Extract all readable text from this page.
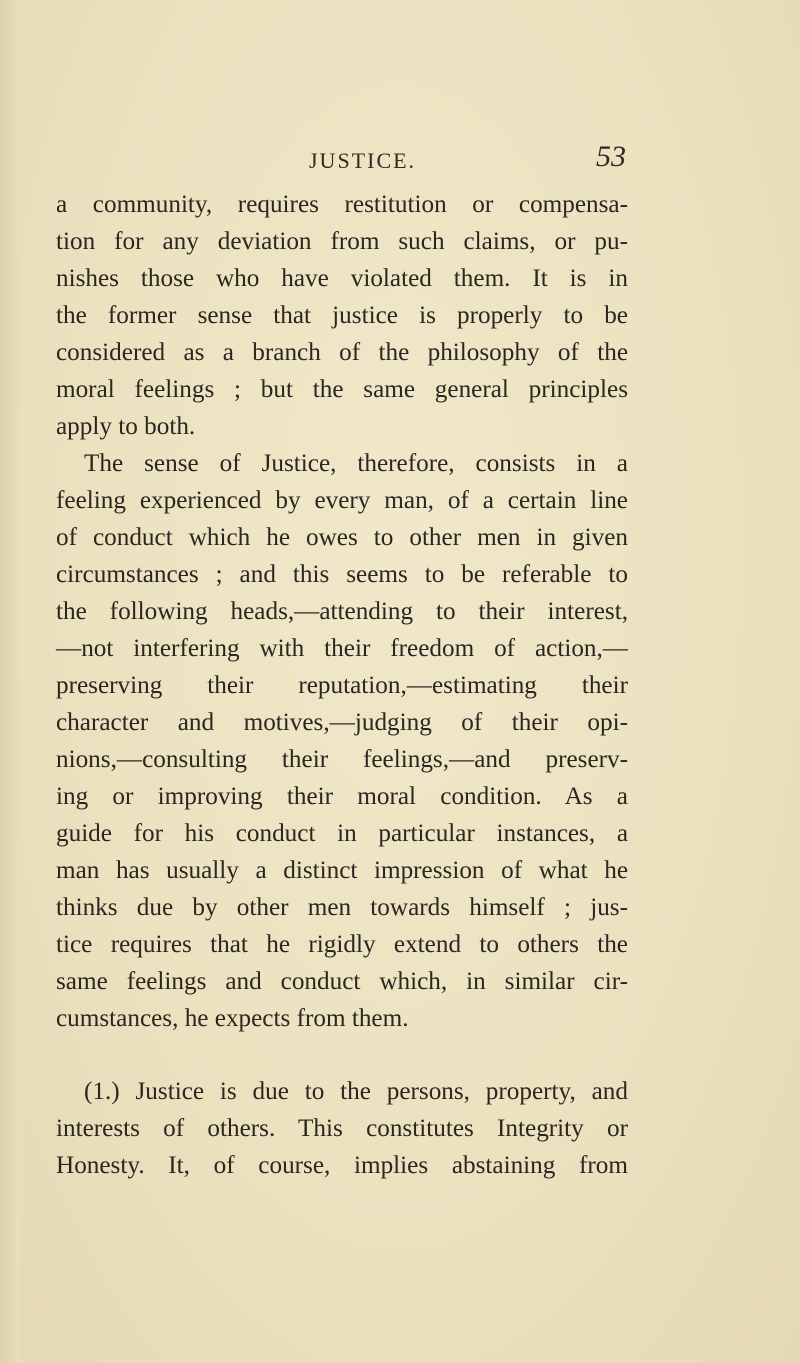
JUSTICE.	53
a community, requires restitution or compensa-
tion for any deviation from such claims, or pu-
nishes those who have violated them. It is in
the former sense that justice is properly to be
considered as a branch of the philosophy of the
moral feelings ; but the same general principles
apply to both.
The sense of Justice, therefore, consists in a
feeling experienced by every man, of a certain line
of conduct which he owes to other men in given
circumstances ; and this seems to be referable to
the following heads,—attending to their interest,
—not interfering with their freedom of action,—
preserving their reputation,—estimating their
character and motives,—judging of their opi-
nions,—consulting their feelings,—and preserv-
ing or improving their moral condition. As a
guide for his conduct in particular instances, a
man has usually a distinct impression of what he
thinks due by other men towards himself ; jus-
tice requires that he rigidly extend to others the
same feelings and conduct which, in similar cir-
cumstances, he expects from them.
(1.) Justice is due to the persons, property, and
interests of others. This constitutes Integrity or
Honesty. It, of course, implies abstaining from
